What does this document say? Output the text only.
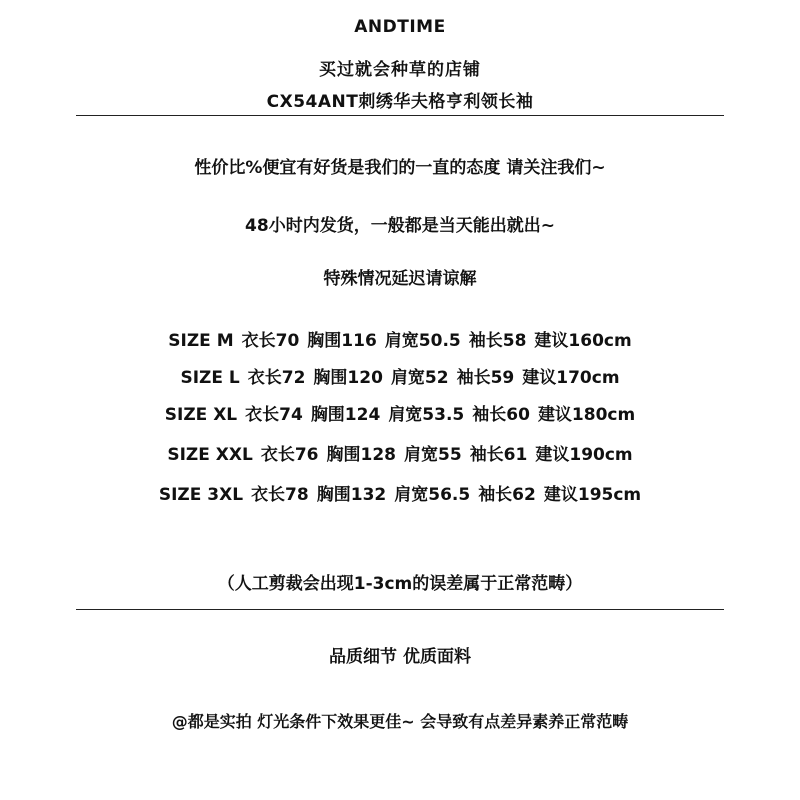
ANDTIME
买过就会种草的店铺
CX54ANT刺绣华夫格亨利领长袖
性价比%便宜有好货是我们的一直的态度 请关注我们~
48小时内发货，一般都是当天能出就出~
特殊情况延迟请谅解
SIZE M 衣长70 胸围116 肩宽50.5 袖长58 建议160cm
SIZE L 衣长72 胸围120 肩宽52 袖长59 建议170cm
SIZE XL 衣长74 胸围124 肩宽53.5 袖长60 建议180cm
SIZE XXL 衣长76 胸围128 肩宽55 袖长61 建议190cm
SIZE 3XL 衣长78 胸围132 肩宽56.5 袖长62 建议195cm
（人工剪裁会出现1-3cm的误差属于正常范畴）
品质细节 优质面料
@都是实拍 灯光条件下效果更佳~ 会导致有点差异素养正常范畴
